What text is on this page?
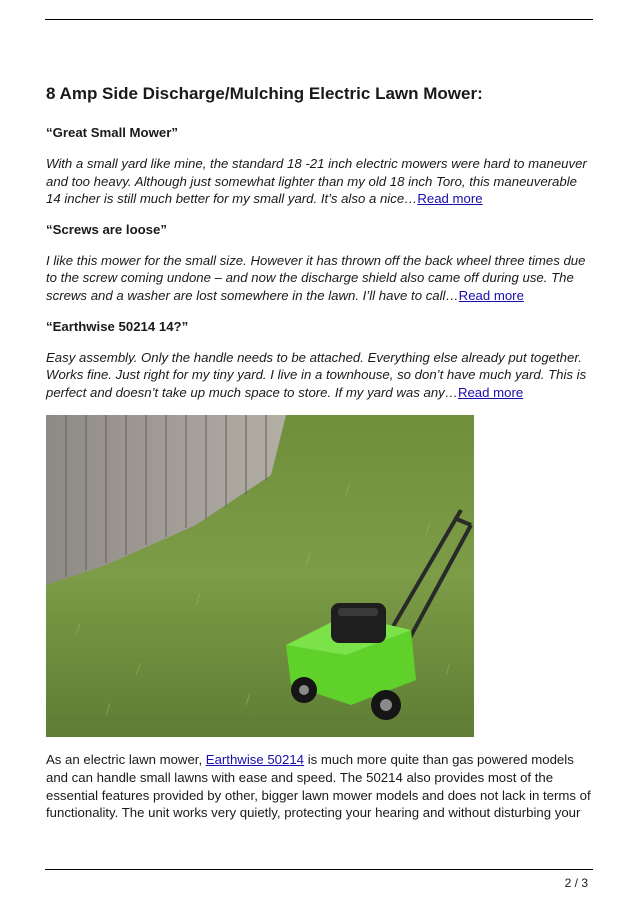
8 Amp Side Discharge/Mulching Electric Lawn Mower:

“Great Small Mower”

With a small yard like mine, the standard 18 -21 inch electric mowers were hard to maneuver and too heavy. Although just somewhat lighter than my old 18 inch Toro, this maneuverable 14 incher is still much better for my small yard. It’s also a nice…Read more

“Screws are loose”

I like this mower for the small size. However it has thrown off the back wheel three times due to the screw coming undone – and now the discharge shield also came off during use. The screws and a washer are lost somewhere in the lawn. I’ll have to call…Read more

“Earthwise 50214 14?”

Easy assembly. Only the handle needs to be attached. Everything else already put together. Works fine. Just right for my tiny yard. I live in a townhouse, so don’t have much yard. This is perfect and doesn’t take up much space to store. If my yard was any…Read more

As an electric lawn mower, Earthwise 50214 is much more quite than gas powered models and can handle small lawns with ease and speed. The 50214 also provides most of the essential features provided by other, bigger lawn mower models and does not lack in terms of functionality. The unit works very quietly, protecting your hearing and without disturbing your

2 / 3
